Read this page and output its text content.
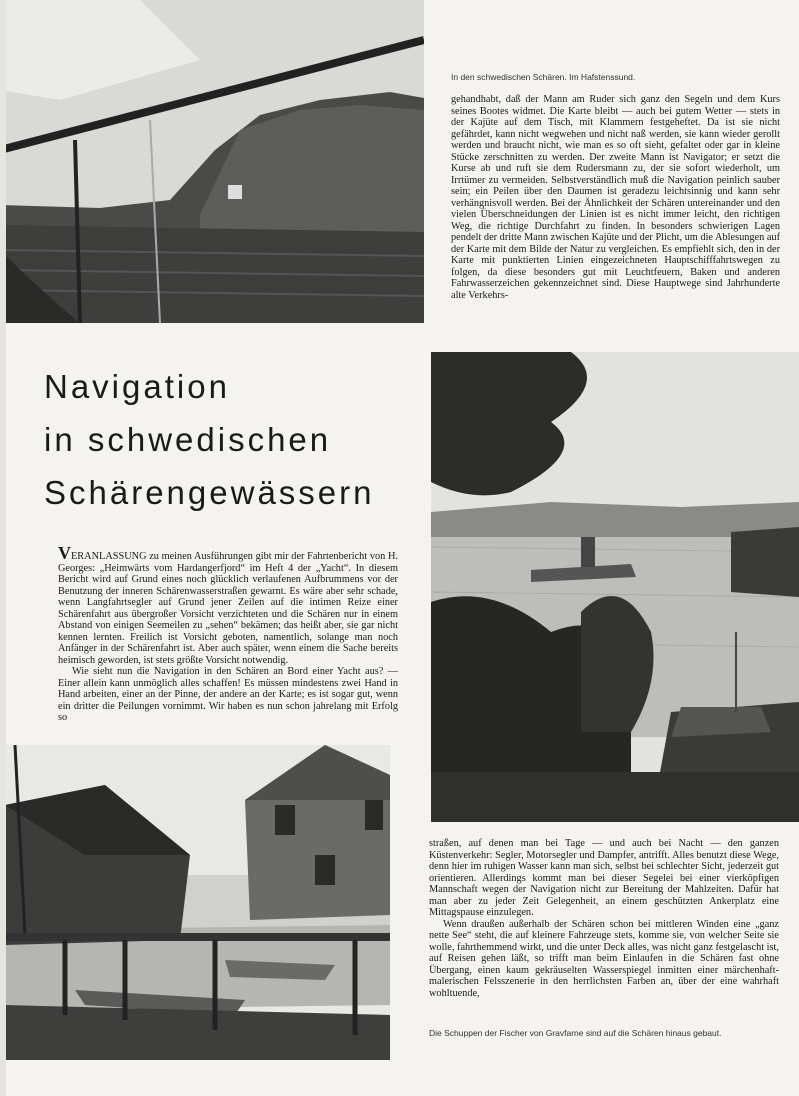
In den schwedischen Schären. Im Hafstenssund.

gehandhabt, daß der Mann am Ruder sich ganz den Segeln und dem Kurs seines Bootes widmet. Die Karte bleibt — auch bei gutem Wetter — stets in der Kajüte auf dem Tisch, mit Klammern festgeheftet. Da ist sie nicht gefährdet, kann nicht wegwehen und nicht naß werden, sie kann wieder gerollt werden und braucht nicht, wie man es so oft sieht, gefaltet oder gar in kleine Stücke zerschnitten zu werden. Der zweite Mann ist Navigator; er setzt die Kurse ab und ruft sie dem Rudersmann zu, der sie sofort wiederholt, um Irrtümer zu vermeiden. Selbstverständlich muß die Navigation peinlich sauber sein; ein Peilen über den Daumen ist geradezu leichtsinnig und kann sehr verhängnisvoll werden. Bei der Ähnlichkeit der Schären untereinander und den vielen Überschneidungen der Linien ist es nicht immer leicht, den richtigen Weg, die richtige Durchfahrt zu finden. In besonders schwierigen Lagen pendelt der dritte Mann zwischen Kajüte und der Plicht, um die Ablesungen auf der Karte mit dem Bilde der Natur zu vergleichen. Es empfiehlt sich, den in der Karte mit punktierten Linien eingezeichneten Hauptschifffahrtswegen zu folgen, da diese besonders gut mit Leuchtfeuern, Baken und anderen Fahrwasserzeichen gekennzeichnet sind. Diese Hauptwege sind Jahrhunderte alte Verkehrs-

Navigation
in schwedischen
Schärengewässern

VERANLASSUNG zu meinen Ausführungen gibt mir der Fahrtenbericht von H. Georges: „Heimwärts vom Hardangerfjord“ im Heft 4 der „Yacht“. In diesem Bericht wird auf Grund eines noch glücklich verlaufenen Aufbrummens vor der Benutzung der inneren Schärenwasserstraßen gewarnt. Es wäre aber sehr schade, wenn Langfahrtsegler auf Grund jener Zeilen auf die intimen Reize einer Schärenfahrt aus übergroßer Vorsicht verzichteten und die Schären nur in einem Abstand von einigen Seemeilen zu „sehen“ bekämen; das heißt aber, sie gar nicht kennen lernten. Freilich ist Vorsicht geboten, namentlich, solange man noch Anfänger in der Schärenfahrt ist. Aber auch später, wenn einem die Sache bereits heimisch geworden, ist stets größte Vorsicht notwendig.

Wie sieht nun die Navigation in den Schären an Bord einer Yacht aus? — Einer allein kann unmöglich alles schaffen! Es müssen mindestens zwei Hand in Hand arbeiten, einer an der Pinne, der andere an der Karte; es ist sogar gut, wenn ein dritter die Peilungen vornimmt. Wir haben es nun schon jahrelang mit Erfolg so

straßen, auf denen man bei Tage — und auch bei Nacht — den ganzen Küstenverkehr: Segler, Motorsegler und Dampfer, antrifft. Alles benutzt diese Wege, denn hier im ruhigen Wasser kann man sich, selbst bei schlechter Sicht, jederzeit gut orientieren. Allerdings kommt man bei dieser Segelei bei einer vierköpfigen Mannschaft wegen der Navigation nicht zur Bereitung der Mahlzeiten. Dafür hat man aber zu jeder Zeit Gelegenheit, an einem geschützten Ankerplatz eine Mittagspause einzulegen.

Wenn draußen außerhalb der Schären schon bei mittleren Winden eine „ganz nette See“ steht, die auf kleinere Fahrzeuge stets, komme sie, von welcher Seite sie wolle, fahrthemmend wirkt, und die unter Deck alles, was nicht ganz festgelascht ist, auf Reisen gehen läßt, so trifft man beim Einlaufen in die Schären fast ohne Übergang, einen kaum gekräuselten Wasserspiegel inmitten einer märchenhaft-malerischen Felsszenerie in den herrlichsten Farben an, über der eine wahrhaft wohltuende,

Die Schuppen der Fischer von Gravfarne sind auf die Schären hinaus gebaut.
